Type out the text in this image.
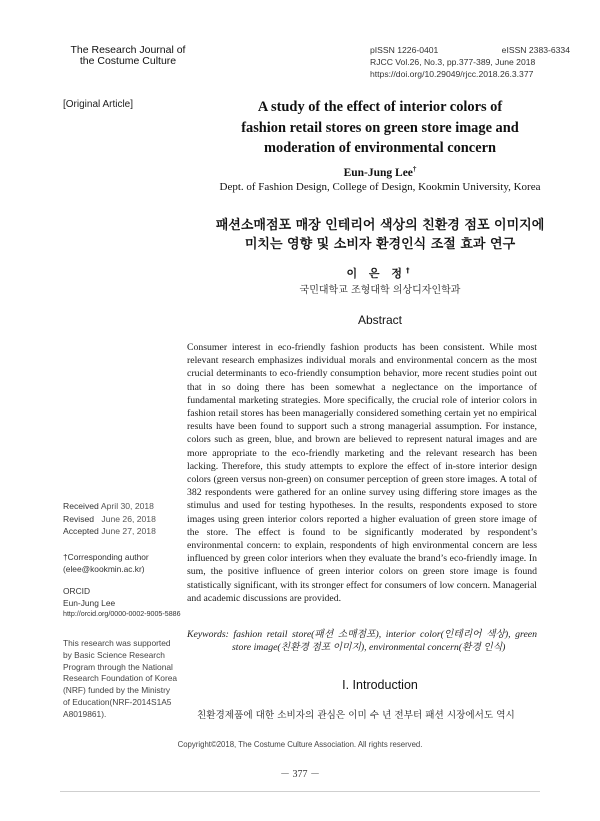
The Research Journal of
the Costume Culture
pISSN 1226-0401	eISSN 2383-6334
RJCC Vol.26, No.3, pp.377-389, June 2018
https://doi.org/10.29049/rjcc.2018.26.3.377
[Original Article]	A study of the effect of interior colors of
fashion retail stores on green store image and
moderation of environmental concern
Eun-Jung Lee†
Dept. of Fashion Design, College of Design, Kookmin University, Korea
패션소매점포 매장 인테리어 색상의 친환경 점포 이미지에
미치는 영향 및 소비자 환경인식 조절 효과 연구
이 은 정†
국민대학교 조형대학 의상디자인학과
Abstract
Consumer interest in eco-friendly fashion products has been consistent. While most relevant research emphasizes individual morals and environmental concern as the most crucial determinants to eco-friendly consumption behavior, more recent studies point out that in so doing there has been somewhat a neglectance on the importance of fundamental marketing strategies. More specifically, the crucial role of interior colors in fashion retail stores has been managerially considered something certain yet no empirical results have been found to support such a strong managerial assumption. For instance, colors such as green, blue, and brown are believed to represent natural images and are more appropriate to the eco-friendly marketing and the relevant research has been lacking. Therefore, this study attempts to explore the effect of in-store interior design colors (green versus non-green) on consumer perception of green store images. A total of 382 respondents were gathered for an online survey using differing store images as the stimulus and used for testing hypotheses. In the results, respondents exposed to store images using green interior colors reported a higher evaluation of green store image of the store. The effect is found to be significantly moderated by respondent’s environmental concern: to explain, respondents of high environmental concern are less influenced by green color interiors when they evaluate the brand’s eco-friendly image. In sum, the positive influence of green interior colors on green store image is found statistically significant, with its stronger effect for consumers of low concern. Managerial and academic discussions are provided.
Keywords: fashion retail store(패션 소매점포), interior color(인테리어 색상), green store image(친환경 점포 이미지), environmental concern(환경 인식)
Received April 30, 2018
Revised June 26, 2018
Accepted June 27, 2018
†Corresponding author
(elee@kookmin.ac.kr)
ORCID
Eun-Jung Lee
http://orcid.org/0000-0002-9005-5886
This research was supported
by Basic Science Research
Program through the National
Research Foundation of Korea
(NRF) funded by the Ministry
of Education(NRF-2014S1A5
A8019861).
I. Introduction
친환경제품에 대한 소비자의 관심은 이미 수 년 전부터 패션 시장에서도 역시
Copyright©2018, The Costume Culture Association. All rights reserved.
－ 377 －
